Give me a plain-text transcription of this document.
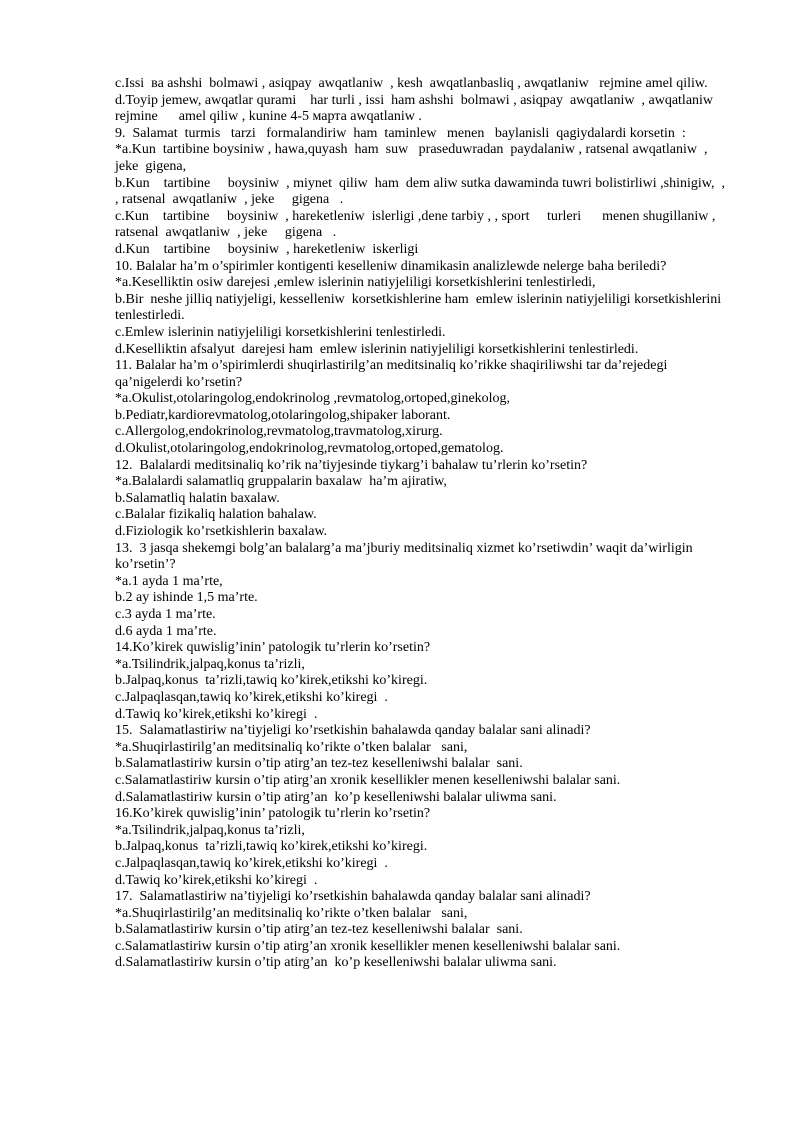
c.Issi  ва ashshi  bolmawi , asiqpay  awqatlaniw  , kesh  awqatlanbasliq , awqatlaniw   rejmine amel qiliw.
d.Toyip jemew, awqatlar qurami    har turli , issi  ham ashshi  bolmawi , asiqpay  awqatlaniw  , awqatlaniw   rejmine      amel qiliw , kunine 4-5 марта awqatlaniw .
9.  Salamat  turmis   tarzi   formalandiriw  ham  taminlew   menen   baylanisli  qagiydalardi korsetin  :
*a.Kun  tartibine boysiniw , hawa,quyash  ham  suw   praseduwradan  paydalaniw , ratsenal awqatlaniw  , jeke  gigena,
b.Kun    tartibine     boysiniw  , miynet  qiliw  ham  dem aliw sutka dawaminda tuwri bolistirliwi ,shinigiw,  , , ratsenal  awqatlaniw  , jeke     gigena   .
c.Kun    tartibine     boysiniw  , hareketleniw  islerligi ,dene tarbiy , , sport     turleri      menen shugillaniw , ratsenal  awqatlaniw  , jeke     gigena   .
d.Kun    tartibine     boysiniw  , hareketleniw  iskerligi
10. Balalar ha’m o’spirimler kontigenti keselleniw dinamikasin analizlewde nelerge baha beriledi?
*a.Keselliktin osiw darejesi ,emlew islerinin natiyjeliligi korsetkishlerini tenlestirledi,
b.Bir  neshe jilliq natiyjeligi, kesselleniw  korsetkishlerine ham  emlew islerinin natiyjeliligi korsetkishlerini tenlestirledi.
c.Emlew islerinin natiyjeliligi korsetkishlerini tenlestirledi.
d.Keselliktin afsalyut  darejesi ham  emlew islerinin natiyjeliligi korsetkishlerini tenlestirledi.
11. Balalar ha’m o’spirimlerdi shuqirlastirilg’an meditsinaliq ko’rikke shaqiriliwshi tar da’rejedegi qa’nigelerdi ko’rsetin?
*a.Okulist,otolaringolog,endokrinolog ,revmatolog,ortoped,ginekolog,
b.Pediatr,kardiorevmatolog,otolaringolog,shipaker laborant.
c.Allergolog,endokrinolog,revmatolog,travmatolog,xirurg.
d.Okulist,otolaringolog,endokrinolog,revmatolog,ortoped,gematolog.
12.  Balalardi meditsinaliq ko’rik na’tiyjesinde tiykarg’i bahalaw tu’rlerin ko’rsetin?
*a.Balalardi salamatliq gruppalarin baxalaw  ha’m ajiratiw,
b.Salamatliq halatin baxalaw.
c.Balalar fizikaliq halation bahalaw.
d.Fiziologik ko’rsetkishlerin baxalaw.
13.  3 jasqa shekemgi bolg’an balalarg’a ma’jburiy meditsinaliq xizmet ko’rsetiwdin’ waqit da’wirligin ko’rsetin’?
*a.1 ayda 1 ma’rte,
b.2 ay ishinde 1,5 ma’rte.
c.3 ayda 1 ma’rte.
d.6 ayda 1 ma’rte.
14.Ko’kirek quwislig’inin’ patologik tu’rlerin ko’rsetin?
*a.Tsilindrik,jalpaq,konus ta’rizli,
b.Jalpaq,konus  ta’rizli,tawiq ko’kirek,etikshi ko’kiregi.
c.Jalpaqlasqan,tawiq ko’kirek,etikshi ko’kiregi  .
d.Tawiq ko’kirek,etikshi ko’kiregi  .
15.  Salamatlastiriw na’tiyjeligi ko’rsetkishin bahalawda qanday balalar sani alinadi?
*a.Shuqirlastirilg’an meditsinaliq ko’rikte o’tken balalar   sani,
b.Salamatlastiriw kursin o’tip atirg’an tez-tez keselleniwshi balalar  sani.
c.Salamatlastiriw kursin o’tip atirg’an xronik kesellikler menen keselleniwshi balalar sani.
d.Salamatlastiriw kursin o’tip atirg’an  ko’p keselleniwshi balalar uliwma sani.
16.Ko’kirek quwislig’inin’ patologik tu’rlerin ko’rsetin?
*a.Tsilindrik,jalpaq,konus ta’rizli,
b.Jalpaq,konus  ta’rizli,tawiq ko’kirek,etikshi ko’kiregi.
c.Jalpaqlasqan,tawiq ko’kirek,etikshi ko’kiregi  .
d.Tawiq ko’kirek,etikshi ko’kiregi  .
17.  Salamatlastiriw na’tiyjeligi ko’rsetkishin bahalawda qanday balalar sani alinadi?
*a.Shuqirlastirilg’an meditsinaliq ko’rikte o’tken balalar   sani,
b.Salamatlastiriw kursin o’tip atirg’an tez-tez keselleniwshi balalar  sani.
c.Salamatlastiriw kursin o’tip atirg’an xronik kesellikler menen keselleniwshi balalar sani.
d.Salamatlastiriw kursin o’tip atirg’an  ko’p keselleniwshi balalar uliwma sani.
